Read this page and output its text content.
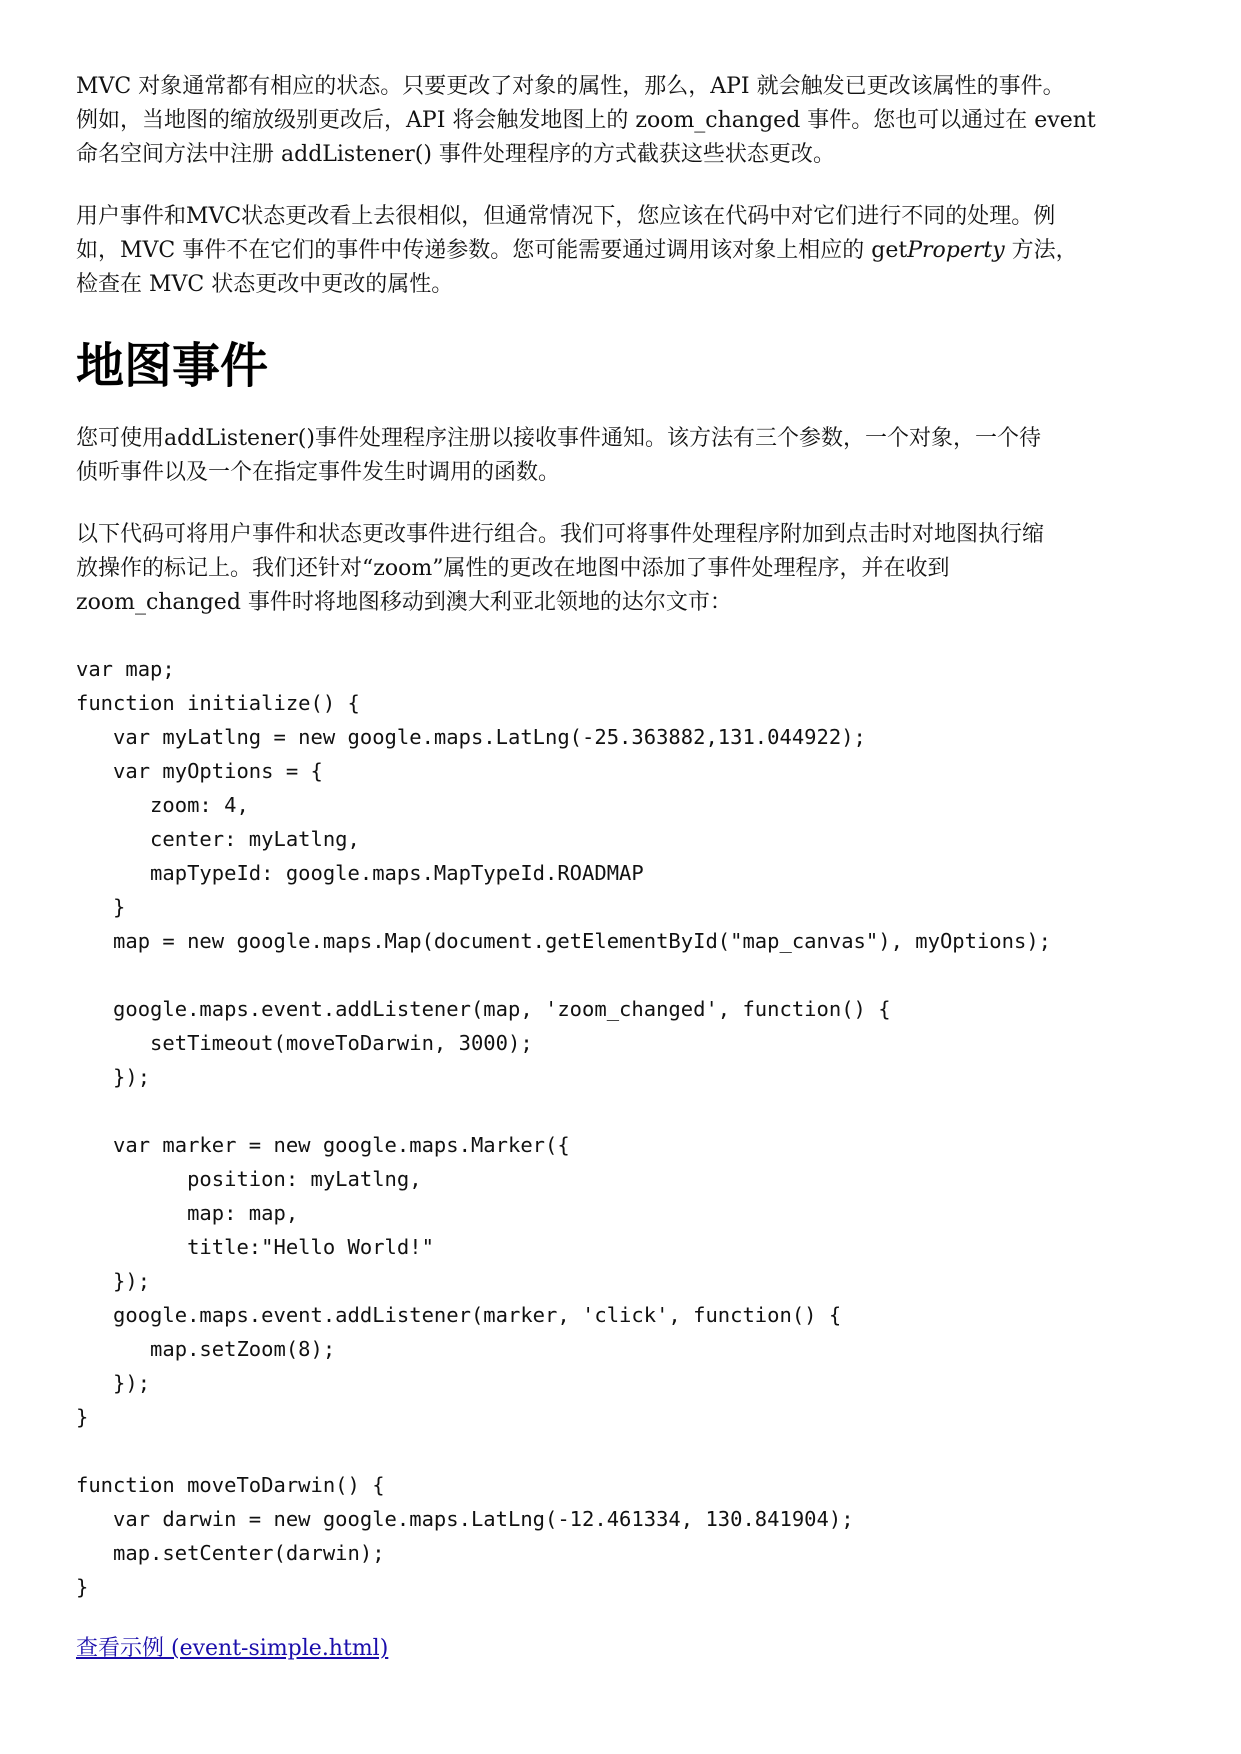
MVC 对象通常都有相应的状态。只要更改了对象的属性，那么，API 就会触发已更改该属性的事件。
例如，当地图的缩放级别更改后，API 将会触发地图上的 zoom_changed 事件。您也可以通过在 event
命名空间方法中注册 addListener() 事件处理程序的方式截获这些状态更改。

用户事件和MVC状态更改看上去很相似，但通常情况下，您应该在代码中对它们进行不同的处理。例
如，MVC 事件不在它们的事件中传递参数。您可能需要通过调用该对象上相应的 getProperty 方法，
检查在 MVC 状态更改中更改的属性。

地图事件

您可使用addListener()事件处理程序注册以接收事件通知。该方法有三个参数，一个对象，一个待
侦听事件以及一个在指定事件发生时调用的函数。

以下代码可将用户事件和状态更改事件进行组合。我们可将事件处理程序附加到点击时对地图执行缩
放操作的标记上。我们还针对“zoom”属性的更改在地图中添加了事件处理程序，并在收到
zoom_changed 事件时将地图移动到澳大利亚北领地的达尔文市：

var map;
function initialize() {
var myLatlng = new google.maps.LatLng(-25.363882,131.044922);
var myOptions = {
zoom: 4,
center: myLatlng,
mapTypeId: google.maps.MapTypeId.ROADMAP
}
map = new google.maps.Map(document.getElementById("map_canvas"), myOptions);
google.maps.event.addListener(map, 'zoom_changed', function() {
setTimeout(moveToDarwin, 3000);
});
var marker = new google.maps.Marker({
position: myLatlng,
map: map,
title:"Hello World!"
});
google.maps.event.addListener(marker, 'click', function() {
map.setZoom(8);
});
}
function moveToDarwin() {
var darwin = new google.maps.LatLng(-12.461334, 130.841904);
map.setCenter(darwin);
}
查看示例 (event-simple.html)
